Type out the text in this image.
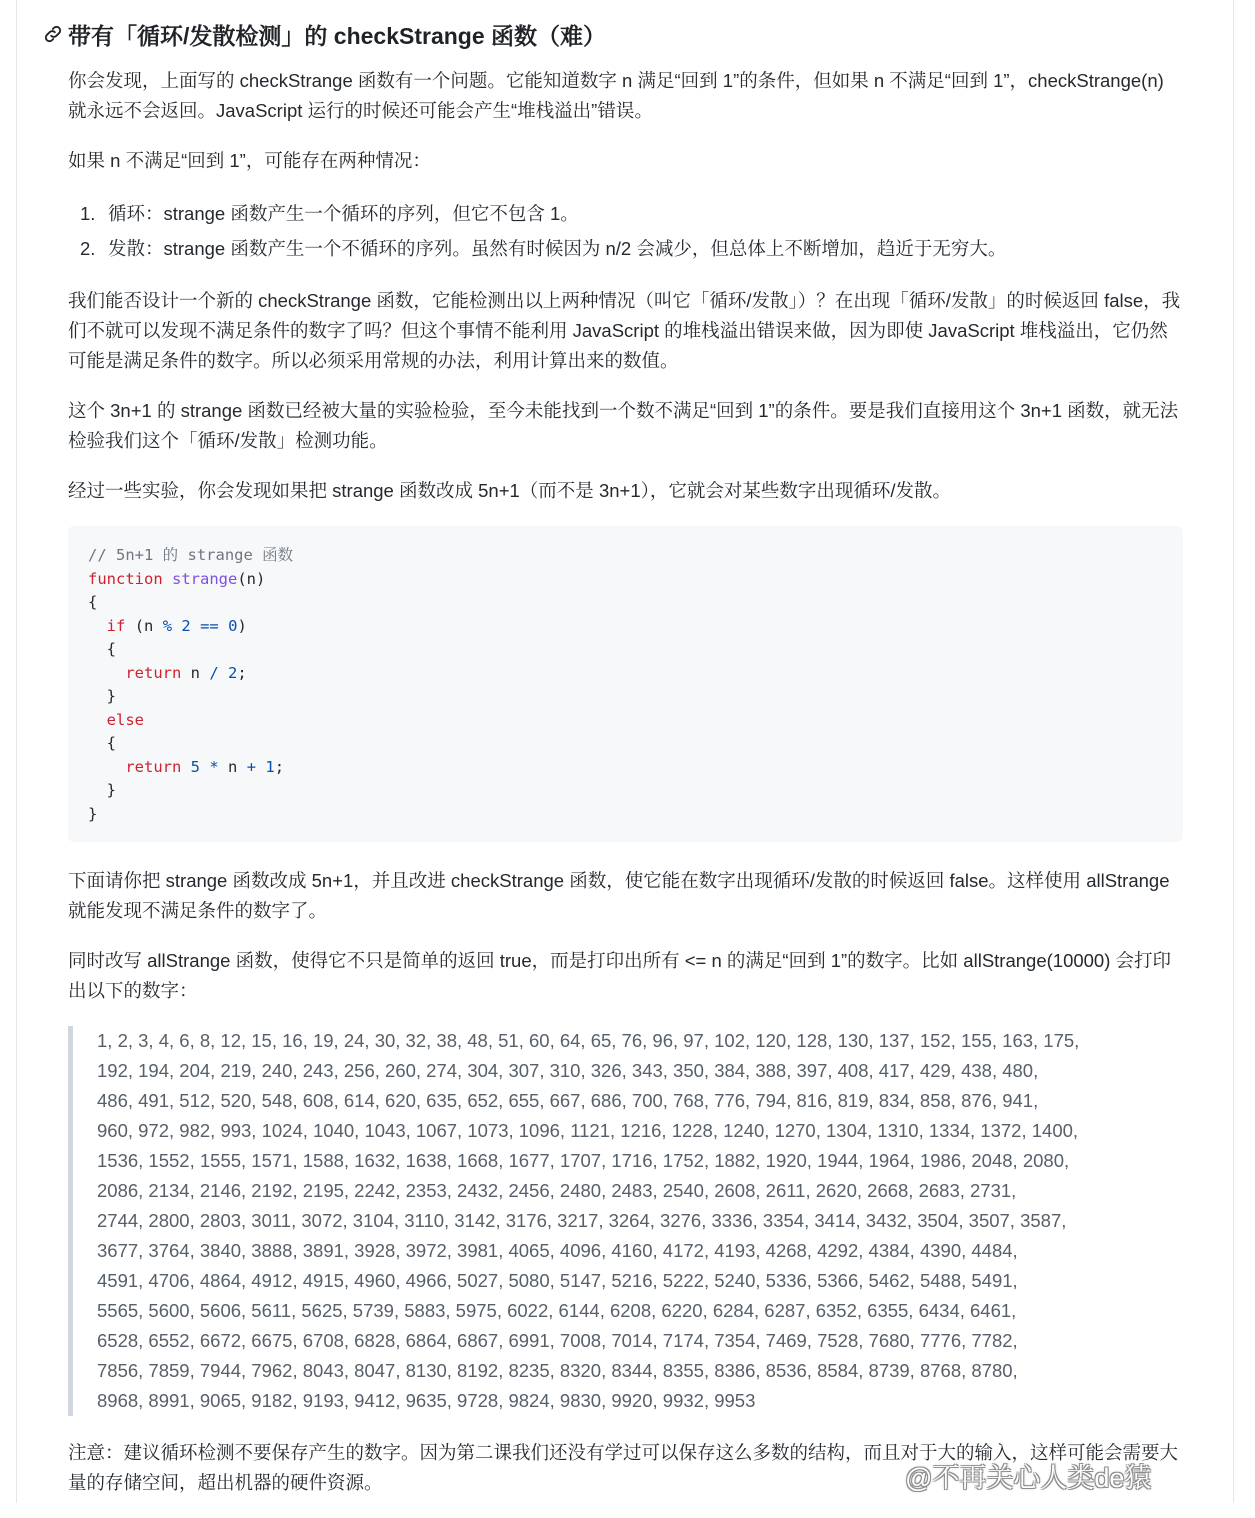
带有「循环/发散检测」的 checkStrange 函数（难）

你会发现，上面写的 checkStrange 函数有一个问题。它能知道数字 n 满足“回到 1”的条件，但如果 n 不满足“回到 1”，checkStrange(n) 就永远不会返回。JavaScript 运行的时候还可能会产生“堆栈溢出”错误。

如果 n 不满足“回到 1”，可能存在两种情况：

1. 循环：strange 函数产生一个循环的序列，但它不包含 1。
2. 发散：strange 函数产生一个不循环的序列。虽然有时候因为 n/2 会减少，但总体上不断增加，趋近于无穷大。

我们能否设计一个新的 checkStrange 函数，它能检测出以上两种情况（叫它「循环/发散」）？在出现「循环/发散」的时候返回 false，我们不就可以发现不满足条件的数字了吗？但这个事情不能利用 JavaScript 的堆栈溢出错误来做，因为即使 JavaScript 堆栈溢出，它仍然可能是满足条件的数字。所以必须采用常规的办法，利用计算出来的数值。

这个 3n+1 的 strange 函数已经被大量的实验检验，至今未能找到一个数不满足“回到 1”的条件。要是我们直接用这个 3n+1 函数，就无法检验我们这个「循环/发散」检测功能。

经过一些实验，你会发现如果把 strange 函数改成 5n+1（而不是 3n+1），它就会对某些数字出现循环/发散。

// 5n+1 的 strange 函数
function strange(n)
{
if (n % 2 == 0)
{
return n / 2;
}
else
{
return 5 * n + 1;
}
}

下面请你把 strange 函数改成 5n+1，并且改进 checkStrange 函数，使它能在数字出现循环/发散的时候返回 false。这样使用 allStrange 就能发现不满足条件的数字了。

同时改写 allStrange 函数，使得它不只是简单的返回 true，而是打印出所有 <= n 的满足“回到 1”的数字。比如 allStrange(10000) 会打印出以下的数字：

1, 2, 3, 4, 6, 8, 12, 15, 16, 19, 24, 30, 32, 38, 48, 51, 60, 64, 65, 76, 96, 97, 102, 120, 128, 130, 137, 152, 155, 163, 175,
192, 194, 204, 219, 240, 243, 256, 260, 274, 304, 307, 310, 326, 343, 350, 384, 388, 397, 408, 417, 429, 438, 480,
486, 491, 512, 520, 548, 608, 614, 620, 635, 652, 655, 667, 686, 700, 768, 776, 794, 816, 819, 834, 858, 876, 941,
960, 972, 982, 993, 1024, 1040, 1043, 1067, 1073, 1096, 1121, 1216, 1228, 1240, 1270, 1304, 1310, 1334, 1372, 1400,
1536, 1552, 1555, 1571, 1588, 1632, 1638, 1668, 1677, 1707, 1716, 1752, 1882, 1920, 1944, 1964, 1986, 2048, 2080,
2086, 2134, 2146, 2192, 2195, 2242, 2353, 2432, 2456, 2480, 2483, 2540, 2608, 2611, 2620, 2668, 2683, 2731,
2744, 2800, 2803, 3011, 3072, 3104, 3110, 3142, 3176, 3217, 3264, 3276, 3336, 3354, 3414, 3432, 3504, 3507, 3587,
3677, 3764, 3840, 3888, 3891, 3928, 3972, 3981, 4065, 4096, 4160, 4172, 4193, 4268, 4292, 4384, 4390, 4484,
4591, 4706, 4864, 4912, 4915, 4960, 4966, 5027, 5080, 5147, 5216, 5222, 5240, 5336, 5366, 5462, 5488, 5491,
5565, 5600, 5606, 5611, 5625, 5739, 5883, 5975, 6022, 6144, 6208, 6220, 6284, 6287, 6352, 6355, 6434, 6461,
6528, 6552, 6672, 6675, 6708, 6828, 6864, 6867, 6991, 7008, 7014, 7174, 7354, 7469, 7528, 7680, 7776, 7782,
7856, 7859, 7944, 7962, 8043, 8047, 8130, 8192, 8235, 8320, 8344, 8355, 8386, 8536, 8584, 8739, 8768, 8780,
8968, 8991, 9065, 9182, 9193, 9412, 9635, 9728, 9824, 9830, 9920, 9932, 9953

注意：建议循环检测不要保存产生的数字。因为第二课我们还没有学过可以保存这么多数的结构，而且对于大的输入，这样可能会需要大量的存储空间，超出机器的硬件资源。	@不再关心人类de猿
